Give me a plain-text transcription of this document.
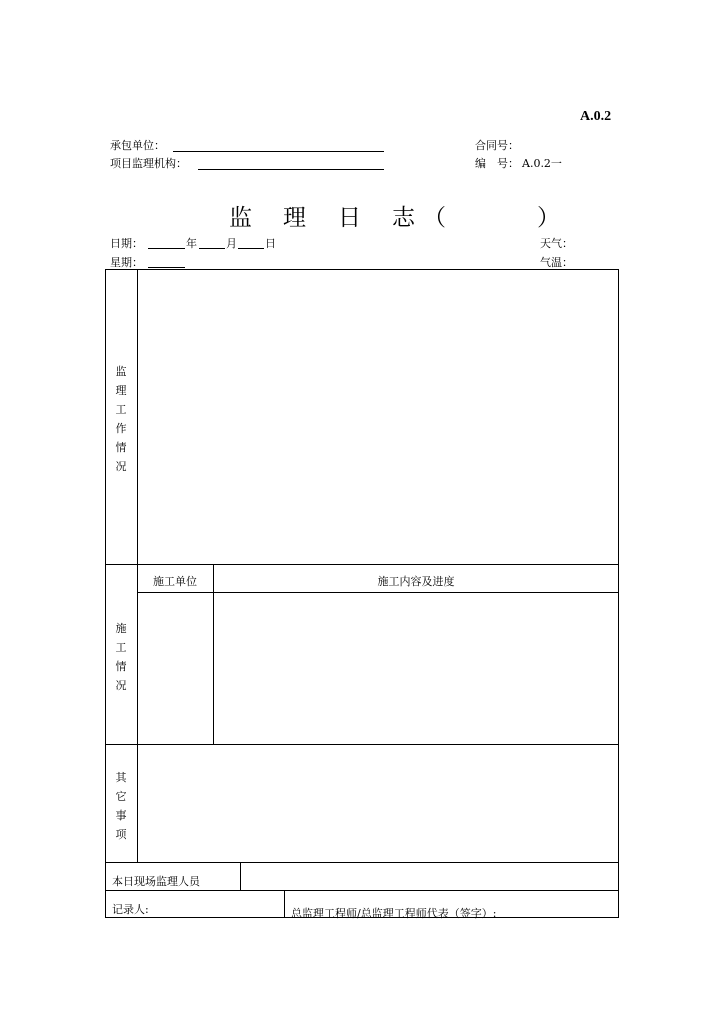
A.0.2
承包单位：
项目监理机构：
合同号：
编　号： A.0.2一
监 理 日 志 （	）
日期：	年	月	日
星期：
天气：
气温：
监理工作情况
施工单位	施工内容及进度
施工情况
其它事项
本日现场监理人员
记录人:	总监理工程师/总监理工程师代表（签字）:
